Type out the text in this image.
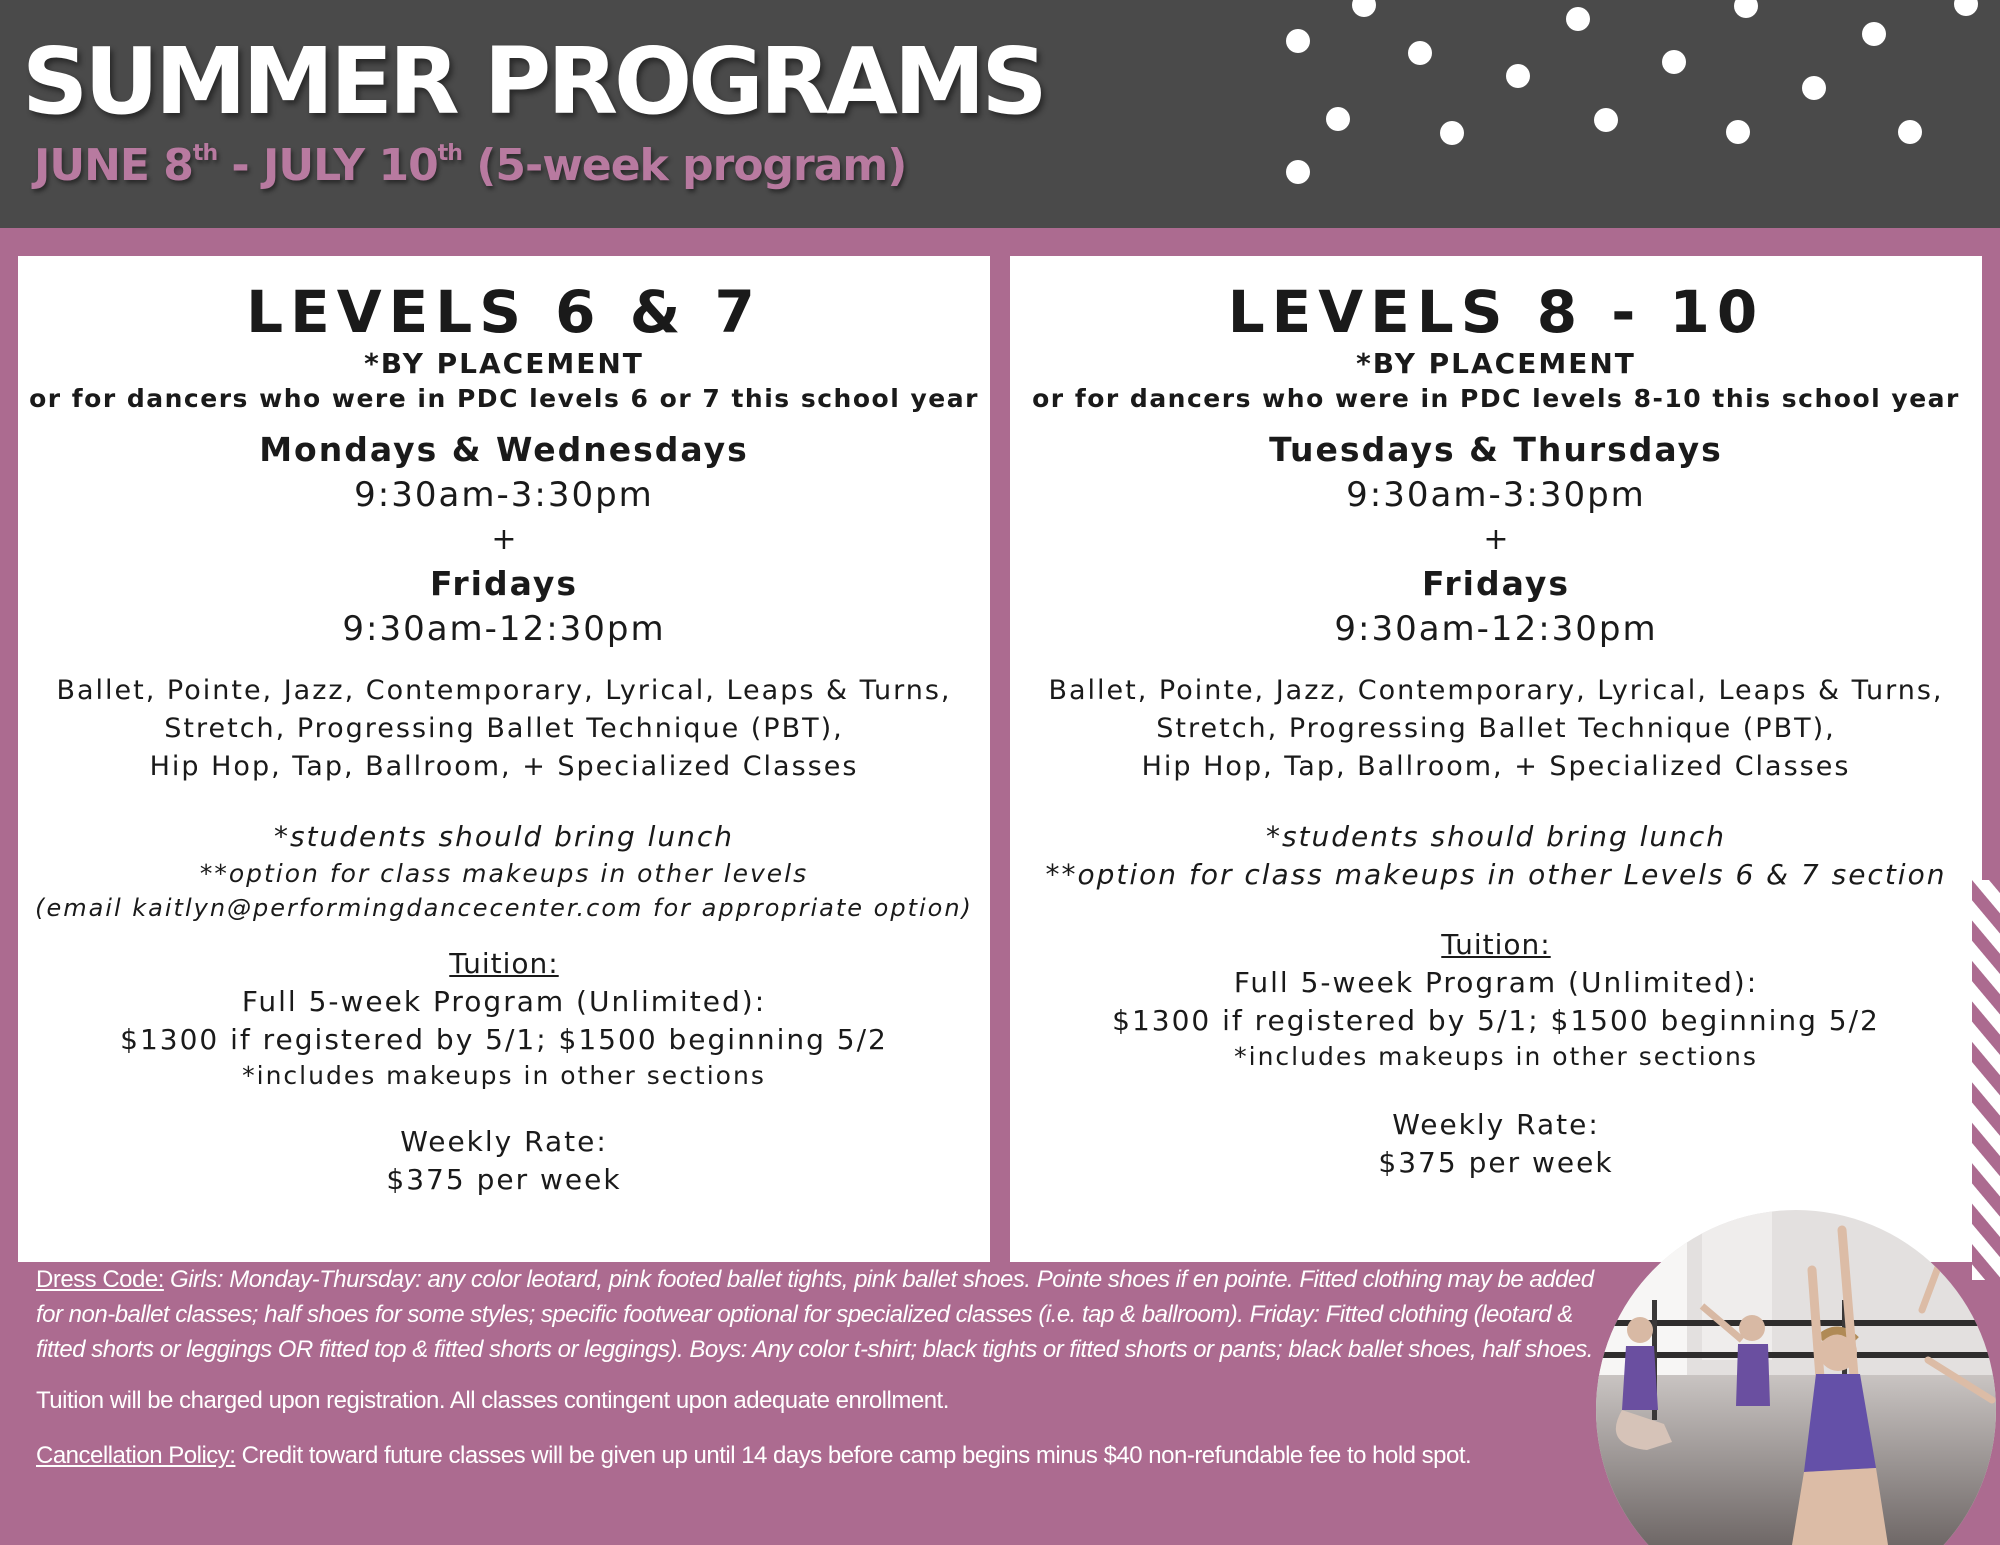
SUMMER PROGRAMS
JUNE 8th - JULY 10th (5-week program)
LEVELS 6 & 7
*BY PLACEMENT
or for dancers who were in PDC levels 6 or 7 this school year
Mondays & Wednesdays
9:30am-3:30pm
+
Fridays
9:30am-12:30pm
Ballet, Pointe, Jazz, Contemporary, Lyrical, Leaps & Turns,
Stretch, Progressing Ballet Technique (PBT),
Hip Hop, Tap, Ballroom, + Specialized Classes
*students should bring lunch
**option for class makeups in other levels
(email kaitlyn@performingdancecenter.com for appropriate option)
Tuition:
Full 5-week Program (Unlimited):
$1300 if registered by 5/1; $1500 beginning 5/2
*includes makeups in other sections
Weekly Rate:
$375 per week
LEVELS 8 - 10
*BY PLACEMENT
or for dancers who were in PDC levels 8-10 this school year
Tuesdays & Thursdays
9:30am-3:30pm
+
Fridays
9:30am-12:30pm
Ballet, Pointe, Jazz, Contemporary, Lyrical, Leaps & Turns,
Stretch, Progressing Ballet Technique (PBT),
Hip Hop, Tap, Ballroom, + Specialized Classes
*students should bring lunch
**option for class makeups in other Levels 6 & 7 section
Tuition:
Full 5-week Program (Unlimited):
$1300 if registered by 5/1; $1500 beginning 5/2
*includes makeups in other sections
Weekly Rate:
$375 per week

Dress Code: Girls: Monday-Thursday: any color leotard, pink footed ballet tights, pink ballet shoes. Pointe shoes if en pointe. Fitted clothing may be added for non-ballet classes; half shoes for some styles; specific footwear optional for specialized classes (i.e. tap & ballroom). Friday: Fitted clothing (leotard & fitted shorts or leggings OR fitted top & fitted shorts or leggings). Boys: Any color t-shirt; black tights or fitted shorts or pants; black ballet shoes, half shoes.

Tuition will be charged upon registration. All classes contingent upon adequate enrollment.

Cancellation Policy: Credit toward future classes will be given up until 14 days before camp begins minus $40 non-refundable fee to hold spot.
